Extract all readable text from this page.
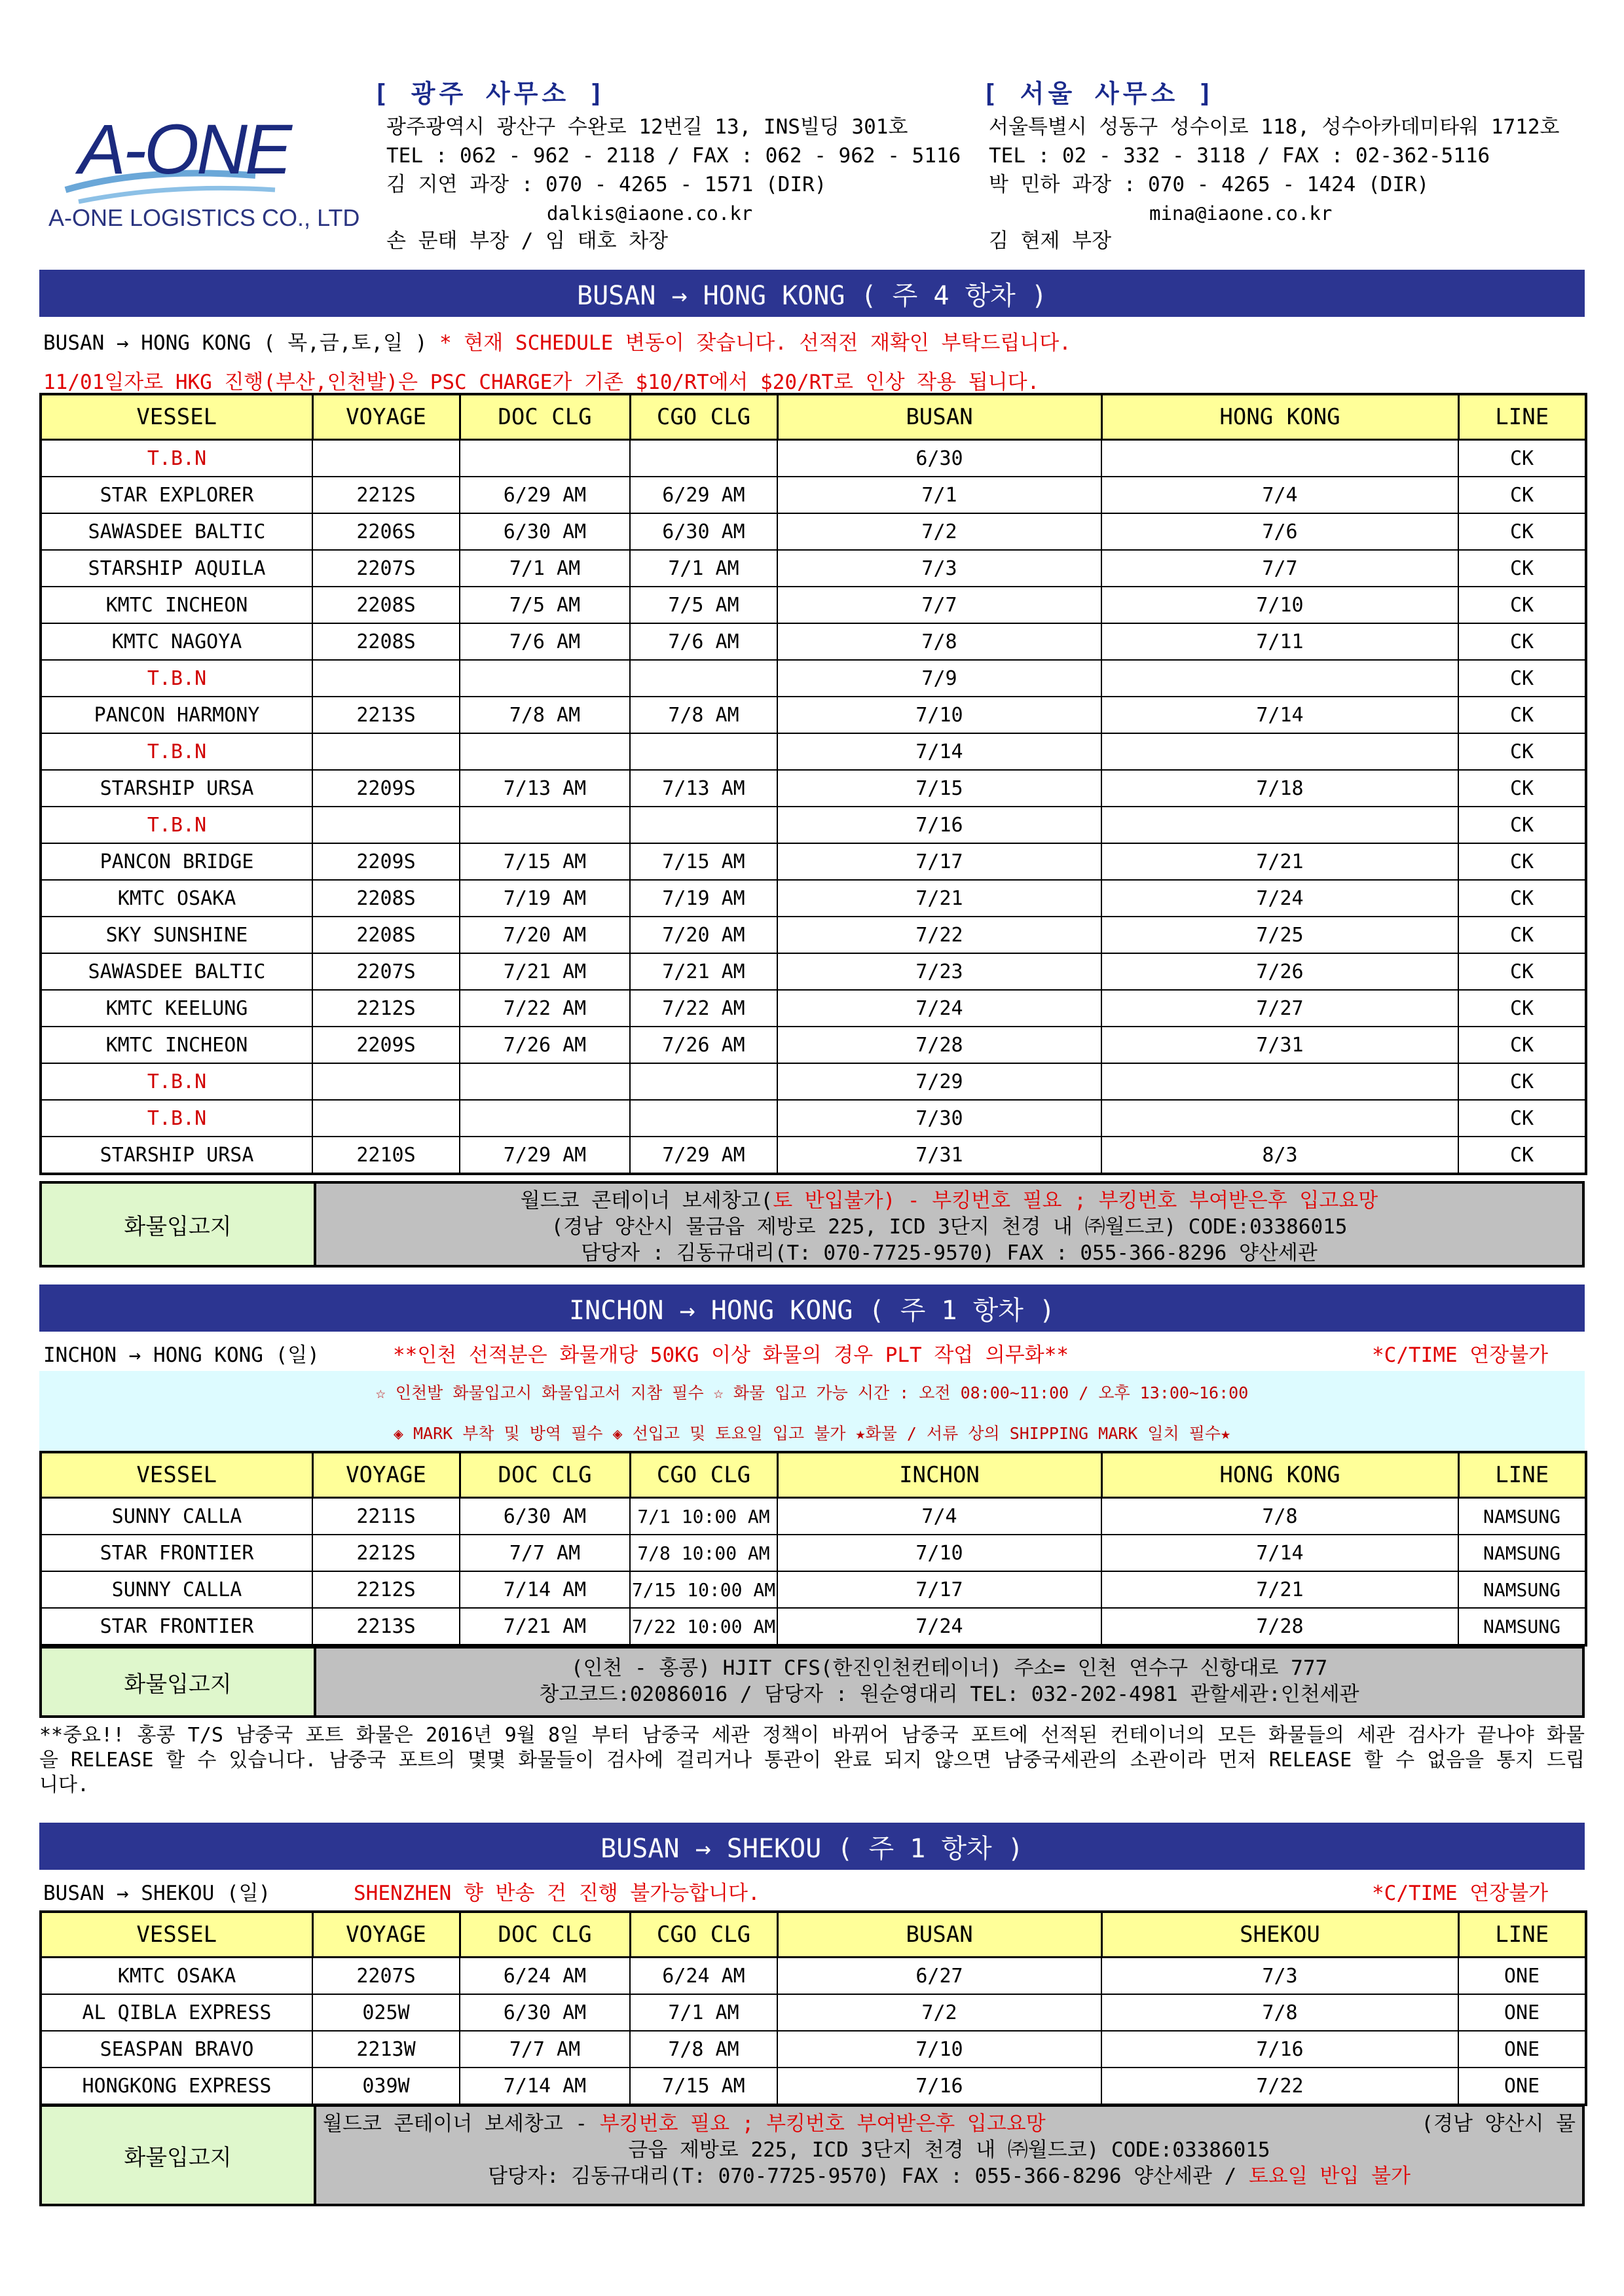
A-ONE
A-ONE LOGISTICS CO., LTD.
[ 광주 사무소 ]
광주광역시 광산구 수완로 12번길 13, INS빌딩 301호
TEL : 062 - 962 - 2118 / FAX : 062 - 962 - 5116
김 지연 과장 : 070 - 4265 - 1571 (DIR)
dalkis@iaone.co.kr
손 문태 부장 / 임 태호 차장
[ 서울 사무소 ]
서울특별시 성동구 성수이로 118, 성수아카데미타워 1712호
TEL : 02 - 332 - 3118 / FAX : 02-362-5116
박 민하 과장 : 070 - 4265 - 1424 (DIR)
mina@iaone.co.kr
김 현제 부장
BUSAN → HONG KONG ( 주 4 항차 )
BUSAN → HONG KONG ( 목,금,토,일 ) * 현재 SCHEDULE 변동이 잦습니다. 선적전 재확인 부탁드립니다.
11/01일자로 HKG 진행(부산,인천발)은 PSC CHARGE가 기존 $10/RT에서 $20/RT로 인상 작용 됩니다.
VESSEL	VOYAGE	DOC CLG	CGO CLG	BUSAN	HONG KONG	LINE
T.B.N				6/30		CK
STAR EXPLORER	2212S	6/29 AM	6/29 AM	7/1	7/4	CK
SAWASDEE BALTIC	2206S	6/30 AM	6/30 AM	7/2	7/6	CK
STARSHIP AQUILA	2207S	7/1 AM	7/1 AM	7/3	7/7	CK
KMTC INCHEON	2208S	7/5 AM	7/5 AM	7/7	7/10	CK
KMTC NAGOYA	2208S	7/6 AM	7/6 AM	7/8	7/11	CK
T.B.N				7/9		CK
PANCON HARMONY	2213S	7/8 AM	7/8 AM	7/10	7/14	CK
T.B.N				7/14		CK
STARSHIP URSA	2209S	7/13 AM	7/13 AM	7/15	7/18	CK
T.B.N				7/16		CK
PANCON BRIDGE	2209S	7/15 AM	7/15 AM	7/17	7/21	CK
KMTC OSAKA	2208S	7/19 AM	7/19 AM	7/21	7/24	CK
SKY SUNSHINE	2208S	7/20 AM	7/20 AM	7/22	7/25	CK
SAWASDEE BALTIC	2207S	7/21 AM	7/21 AM	7/23	7/26	CK
KMTC KEELUNG	2212S	7/22 AM	7/22 AM	7/24	7/27	CK
KMTC INCHEON	2209S	7/26 AM	7/26 AM	7/28	7/31	CK
T.B.N				7/29		CK
T.B.N				7/30		CK
STARSHIP URSA	2210S	7/29 AM	7/29 AM	7/31	8/3	CK
화물입고지
월드코 콘테이너 보세창고(토 반입불가) - 부킹번호 필요 ; 부킹번호 부여받은후 입고요망
(경남 양산시 물금읍 제방로 225, ICD 3단지 천경 내 ㈜월드코) CODE:03386015
담당자 : 김동규대리(T: 070-7725-9570) FAX : 055-366-8296 양산세관
INCHON → HONG KONG ( 주 1 항차 )
INCHON → HONG KONG (일)	**인천 선적분은 화물개당 50KG 이상 화물의 경우 PLT 작업 의무화**	*C/TIME 연장불가
☆ 인천발 화물입고시 화물입고서 지참 필수 ☆ 화물 입고 가능 시간 : 오전 08:00~11:00 / 오후 13:00~16:00
◈ MARK 부착 및 방역 필수 ◈ 선입고 및 토요일 입고 불가 ★화물 / 서류 상의 SHIPPING MARK 일치 필수★
VESSEL	VOYAGE	DOC CLG	CGO CLG	INCHON	HONG KONG	LINE
SUNNY CALLA	2211S	6/30 AM	7/1 10:00 AM	7/4	7/8	NAMSUNG
STAR FRONTIER	2212S	7/7 AM	7/8 10:00 AM	7/10	7/14	NAMSUNG
SUNNY CALLA	2212S	7/14 AM	7/15 10:00 AM	7/17	7/21	NAMSUNG
STAR FRONTIER	2213S	7/21 AM	7/22 10:00 AM	7/24	7/28	NAMSUNG
화물입고지
(인천 - 홍콩) HJIT CFS(한진인천컨테이너) 주소= 인천 연수구 신항대로 777
창고코드:02086016 / 담당자 : 원순영대리 TEL: 032-202-4981 관할세관:인천세관
**중요!! 홍콩 T/S 남중국 포트 화물은 2016년 9월 8일 부터 남중국 세관 정책이 바뀌어 남중국 포트에 선적된 컨테이너의 모든 화물들의 세관 검사가 끝나야 화물을 RELEASE 할 수 있습니다. 남중국 포트의 몇몇 화물들이 검사에 걸리거나 통관이 완료 되지 않으면 남중국세관의 소관이라 먼저 RELEASE 할 수 없음을 통지 드립니다.
BUSAN → SHEKOU ( 주 1 항차 )
BUSAN → SHEKOU (일)	SHENZHEN 향 반송 건 진행 불가능합니다.	*C/TIME 연장불가
VESSEL	VOYAGE	DOC CLG	CGO CLG	BUSAN	SHEKOU	LINE
KMTC OSAKA	2207S	6/24 AM	6/24 AM	6/27	7/3	ONE
AL QIBLA EXPRESS	025W	6/30 AM	7/1 AM	7/2	7/8	ONE
SEASPAN BRAVO	2213W	7/7 AM	7/8 AM	7/10	7/16	ONE
HONGKONG EXPRESS	039W	7/14 AM	7/15 AM	7/16	7/22	ONE
화물입고지
월드코 콘테이너 보세창고 - 부킹번호 필요 ; 부킹번호 부여받은후 입고요망	(경남 양산시 물
금읍 제방로 225, ICD 3단지 천경 내 ㈜월드코) CODE:03386015
담당자: 김동규대리(T: 070-7725-9570) FAX : 055-366-8296 양산세관 / 토요일 반입 불가
